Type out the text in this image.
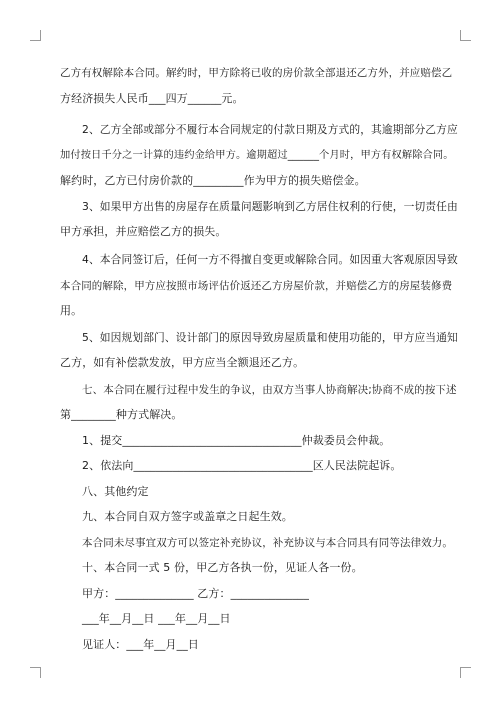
乙方有权解除本合同。解约时，甲方除将已收的房价款全部退还乙方外，并应赔偿乙
方经济损失人民币___四万______元。
2、乙方全部或部分不履行本合同规定的付款日期及方式的，其逾期部分乙方应
加付按日千分之一计算的违约金给甲方。逾期超过______个月时，甲方有权解除合同。
解约时，乙方已付房价款的_________作为甲方的损失赔偿金。
3、如果甲方出售的房屋存在质量问题影响到乙方居住权利的行使，一切责任由
甲方承担，并应赔偿乙方的损失。
4、本合同签订后，任何一方不得擅自变更或解除合同。如因重大客观原因导致
本合同的解除，甲方应按照市场评估价返还乙方房屋价款，并赔偿乙方的房屋装修费
用。
5、如因规划部门、设计部门的原因导致房屋质量和使用功能的，甲方应当通知
乙方，如有补偿款发放，甲方应当全额退还乙方。
七、本合同在履行过程中发生的争议，由双方当事人协商解决;协商不成的按下述
第________种方式解决。
1、提交________________________________仲裁委员会仲裁。
2、依法向________________________________区人民法院起诉。
八、其他约定
九、本合同自双方签字或盖章之日起生效。
本合同未尽事宜双方可以签定补充协议，补充协议与本合同具有同等法律效力。
十、本合同一式 5 份，甲乙方各执一份，见证人各一份。
甲方：______________ 乙方：______________
___年__月__日 ___年__月__日
见证人：___年__月__日
